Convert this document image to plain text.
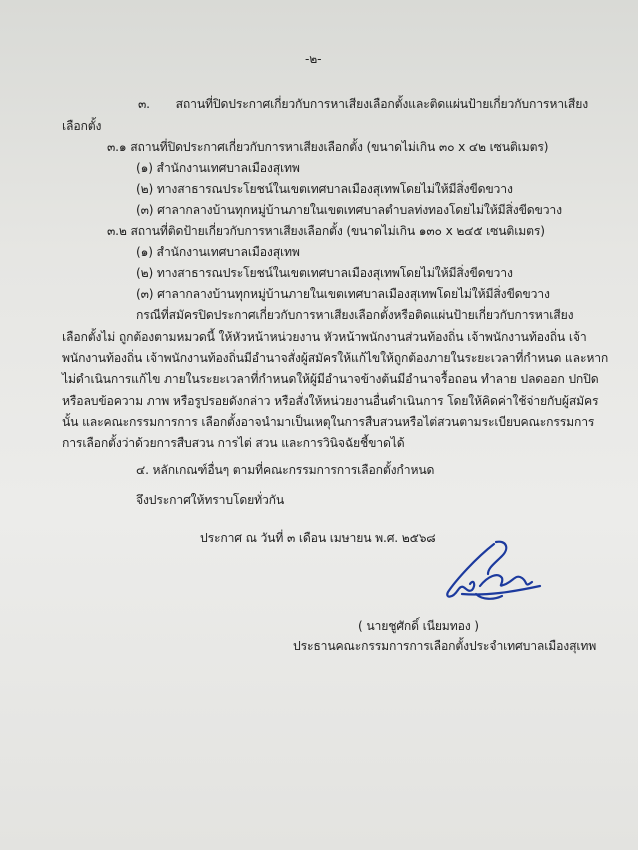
-๒-
๓. สถานที่ปิดประกาศเกี่ยวกับการหาเสียงเลือกตั้งและติดแผ่นป้ายเกี่ยวกับการหาเสียง
เลือกตั้ง
๓.๑ สถานที่ปิดประกาศเกี่ยวกับการหาเสียงเลือกตั้ง (ขนาดไม่เกิน ๓๐ x ๔๒ เซนติเมตร)
(๑) สำนักงานเทศบาลเมืองสุเทพ
(๒) ทางสาธารณประโยชน์ในเขตเทศบาลเมืองสุเทพโดยไม่ให้มีสิ่งขีดขวาง
(๓) ศาลากลางบ้านทุกหมู่บ้านภายในเขตเทศบาลตำบลท่งทองโดยไม่ให้มีสิ่งขีดขวาง
๓.๒ สถานที่ติดป้ายเกี่ยวกับการหาเสียงเลือกตั้ง (ขนาดไม่เกิน ๑๓๐ x ๒๔๕ เซนติเมตร)
(๑) สำนักงานเทศบาลเมืองสุเทพ
(๒) ทางสาธารณประโยชน์ในเขตเทศบาลเมืองสุเทพโดยไม่ให้มีสิ่งขีดขวาง
(๓) ศาลากลางบ้านทุกหมู่บ้านภายในเขตเทศบาลเมืองสุเทพโดยไม่ให้มีสิ่งขีดขวาง
กรณีที่สมัครปิดประกาศเกี่ยวกับการหาเสียงเลือกตั้งหรือติดแผ่นป้ายเกี่ยวกับการหาเสียง
เลือกตั้งไม่ ถูกต้องตามหมวดนี้ ให้หัวหน้าหน่วยงาน หัวหน้าพนักงานส่วนท้องถิ่น เจ้าพนักงานท้องถิ่น เจ้า
พนักงานท้องถิ่น เจ้าพนักงานท้องถิ่นมีอำนาจสั่งผู้สมัครให้แก้ไขให้ถูกต้องภายในระยะเวลาที่กำหนด และหาก
ไม่ดำเนินการแก้ไข ภายในระยะเวลาที่กำหนดให้ผู้มีอำนาจข้างต้นมีอำนาจรื้อถอน ทำลาย ปลดออก ปกปิด
หรือลบข้อความ ภาพ หรือรูปรอยดังกล่าว หรือสั่งให้หน่วยงานอื่นดำเนินการ โดยให้คิดค่าใช้จ่ายกับผู้สมัคร
นั้น และคณะกรรมการการ เลือกตั้งอาจนำมาเป็นเหตุในการสืบสวนหรือไต่สวนตามระเบียบคณะกรรมการ
การเลือกตั้งว่าด้วยการสืบสวน การไต่ สวน และการวินิจฉัยชี้ขาดได้
๔. หลักเกณฑ์อื่นๆ ตามที่คณะกรรมการการเลือกตั้งกำหนด
จึงประกาศให้ทราบโดยทั่วกัน
ประกาศ ณ วันที่ ๓ เดือน เมษายน พ.ศ. ๒๕๖๘
( นายชูศักดิ์ เนียมทอง )
ประธานคณะกรรมการการเลือกตั้งประจำเทศบาลเมืองสุเทพ
